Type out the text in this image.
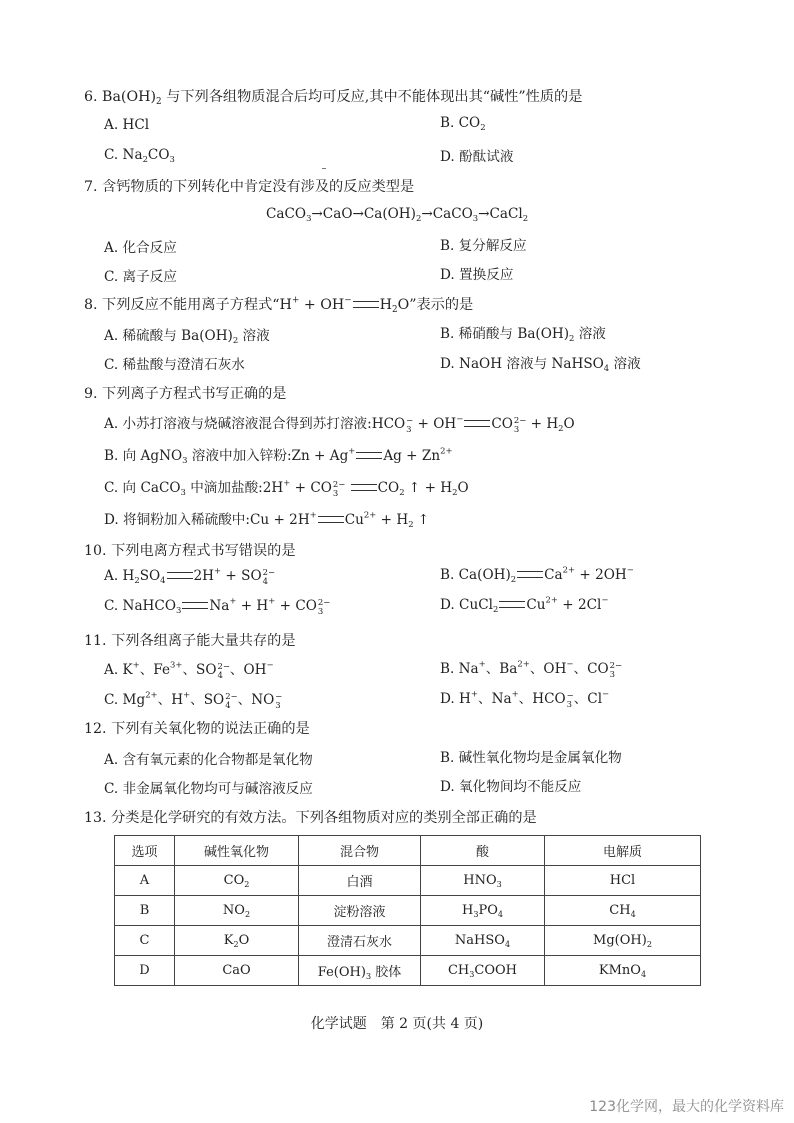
6. $Ba(OH)_2$ 与下列各组物质混合后均可反应,其中不能体现出其“碱性”性质的是
A. HCl	B. $CO_2$
C. $Na_2CO_3$	D. 酚酞试液
7. 含钙物质的下列转化中肯定没有涉及的反应类型是
$CaCO_3\to CaO\to Ca(OH)_2\to CaCO_3\to CaCl_2$
A. 化合反应	B. 复分解反应
C. 离子反应	D. 置换反应
8. 下列反应不能用离子方程式“H+ + OH− $H_2O$”表示的是
A. 稀硫酸与 $Ba(OH)_2$ 溶液	B. 稀硝酸与 $Ba(OH)_2$ 溶液
C. 稀盐酸与澄清石灰水	D. NaOH 溶液与 NaHSO$_4$ 溶液
9. 下列离子方程式书写正确的是
A. 小苏打溶液与烧碱溶液混合得到苏打溶液:HCO −
3 + OH− CO 2−
$3 + H_2O$
B. 向 AgNO$_3$ 溶液中加入锌粉:Zn + Ag+ $Ag + Zn^{2+}$
C. 向 CaCO$_3$ 中滴加盐酸:2H+ + CO 2−
3	$CO_2$ ↑ + $H_2O$
D. 将铜粉加入稀硫酸中:Cu + 2H+ $Cu^{2+} + H_2$ ↑
10. 下列电离方程式书写错误的是
A. $H_2SO_4$ 2H+ + SO 2−
4	B. $Ca(OH)_2$ $Ca^{2+} + 2OH^-$
C. NaHCO$_3$ Na+ + H+ + CO 2−
3	D. CuCl$_2$ $Cu^{2+} + 2Cl^-$
11. 下列各组离子能大量共存的是
A. K+、$Fe^{3+}$、SO 2−
4 、OH−	B. Na+、$Ba^{2+}$、OH−、CO 2−
3
C. $Mg^{2+}$、H+、SO 2−
4 、NO −
3	D. H+、Na+、HCO −
3 、Cl−
12. 下列有关氧化物的说法正确的是
A. 含有氧元素的化合物都是氧化物	B. 碱性氧化物均是金属氧化物
C. 非金属氧化物均可与碱溶液反应	D. 氧化物间均不能反应
13. 分类是化学研究的有效方法。下列各组物质对应的类别全部正确的是
选项	碱性氧化物	混合物	酸	电解质
A	$CO_2$	白酒	$HNO_3$	HCl
B	$NO_2$	淀粉溶液	$H_3PO_4$	$CH_4$
C	$K_2O$	澄清石灰水	NaHSO$_4$	$Mg(OH)_2$
D	CaO	$Fe(OH)_3$ 胶体	$CH_3COOH$	KMnO$_4$
化学试题　第 2 页(共 4 页)
123化学网，最大的化学资料库
